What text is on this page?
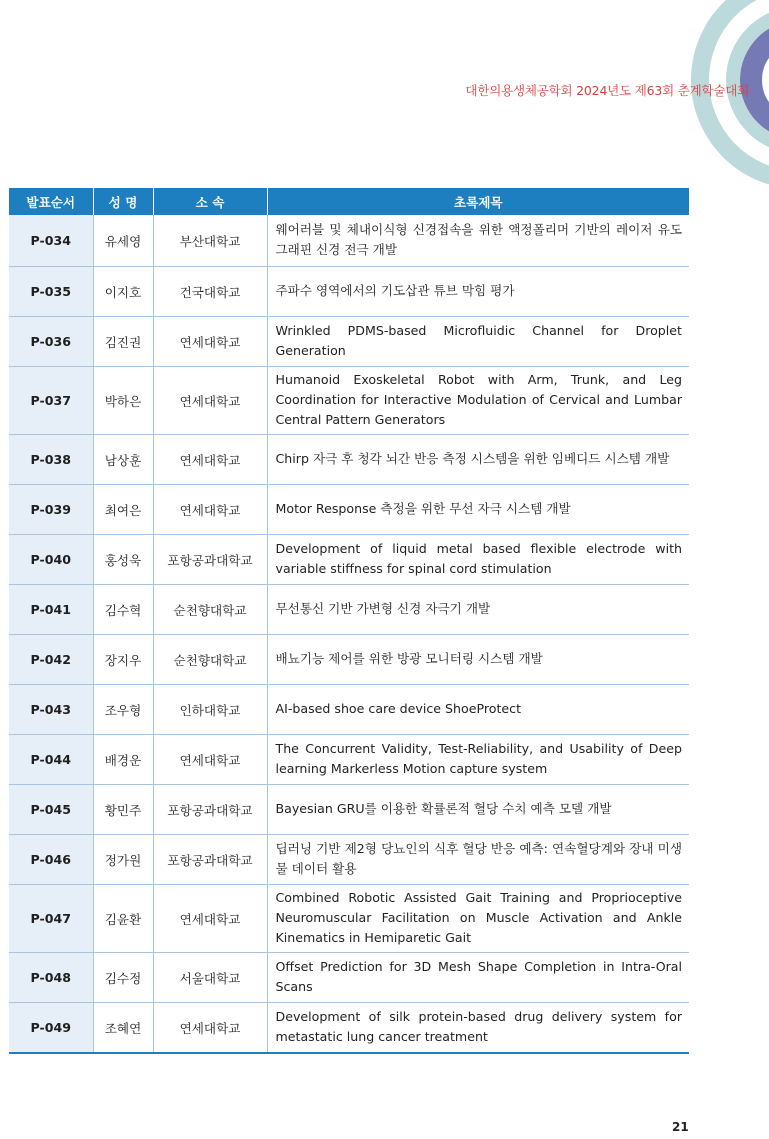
대한의용생체공학회 2024년도 제63회 춘계학술대회
발표순서	성 명	소 속	초록제목
P-034	유세영	부산대학교	웨어러블 및 체내이식형 신경접속을 위한 액정폴리머 기반의 레이저 유도 그래핀 신경 전극 개발
P-035	이지호	건국대학교	주파수 영역에서의 기도삽관 튜브 막힘 평가
P-036	김진권	연세대학교	Wrinkled PDMS-based Microfluidic Channel for Droplet Generation
P-037	박하은	연세대학교	Humanoid Exoskeletal Robot with Arm, Trunk, and Leg Coordination for Interactive Modulation of Cervical and Lumbar Central Pattern Generators
P-038	남상훈	연세대학교	Chirp 자극 후 청각 뇌간 반응 측정 시스템을 위한 임베디드 시스템 개발
P-039	최여은	연세대학교	Motor Response 측정을 위한 무선 자극 시스템 개발
P-040	홍성욱	포항공과대학교	Development of liquid metal based flexible electrode with variable stiffness for spinal cord stimulation
P-041	김수혁	순천향대학교	무선통신 기반 가변형 신경 자극기 개발
P-042	장지우	순천향대학교	배뇨기능 제어를 위한 방광 모니터링 시스템 개발
P-043	조우형	인하대학교	AI-based shoe care device ShoeProtect
P-044	배경운	연세대학교	The Concurrent Validity, Test-Reliability, and Usability of Deep learning Markerless Motion capture system
P-045	황민주	포항공과대학교	Bayesian GRU를 이용한 확률론적 혈당 수치 예측 모델 개발
P-046	정가원	포항공과대학교	딥러닝 기반 제2형 당뇨인의 식후 혈당 반응 예측: 연속혈당계와 장내 미생물 데이터 활용
P-047	김윤환	연세대학교	Combined Robotic Assisted Gait Training and Proprioceptive Neuromuscular Facilitation on Muscle Activation and Ankle Kinematics in Hemiparetic Gait
P-048	김수정	서울대학교	Offset Prediction for 3D Mesh Shape Completion in Intra-Oral Scans
P-049	조혜연	연세대학교	Development of silk protein-based drug delivery system for metastatic lung cancer treatment
21
